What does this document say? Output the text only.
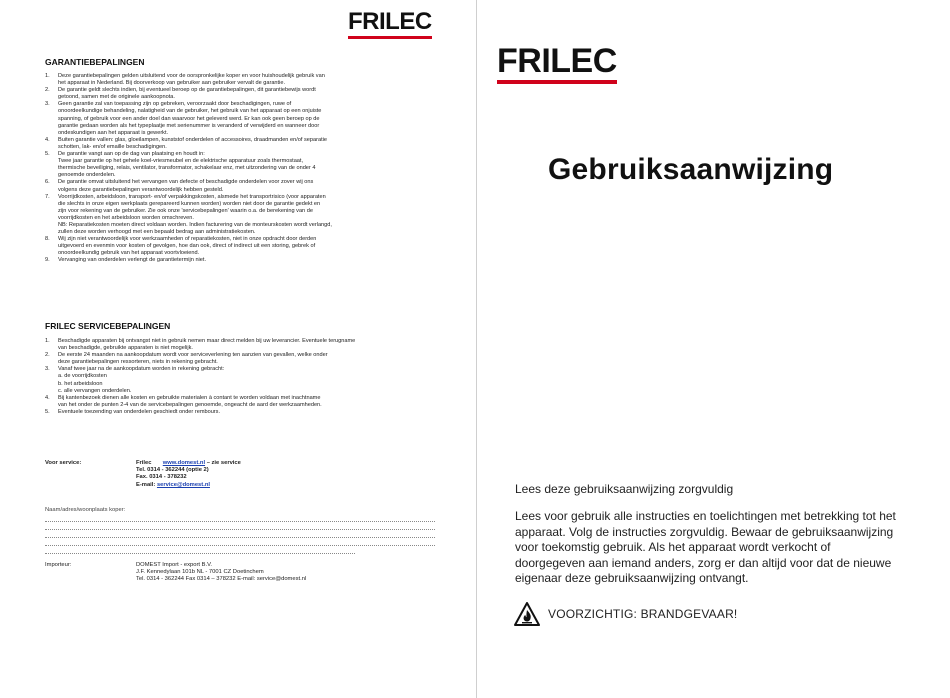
FRILEC
GARANTIEBEPALINGEN
1. Deze garantiebepalingen gelden uitsluitend voor de oorspronkelijke koper en voor huishoudelijk gebruik van
het apparaat in Nederland. Bij doorverkoop van gebruiker aan gebruiker vervalt de garantie.
2. De garantie geldt slechts indien, bij eventueel beroep op de garantiebepalingen, dit garantiebewijs wordt
getoond, samen met de originele aankoopnota.
3. Geen garantie zal van toepassing zijn op gebreken, veroorzaakt door beschadigingen, ruwe of
onoordeelkundige behandeling, nalatigheid van de gebruiker, het gebruik van het apparaat op een onjuiste
spanning, of gebruik voor een ander doel dan waarvoor het geleverd werd. Er kan ook geen beroep op de
garantie gedaan worden als het typeplaatje met serienummer is veranderd of verwijderd en wanneer door
ondeskundigen aan het apparaat is gewerkt.
4. Buiten garantie vallen: glas, gloeilampen, kunststof onderdelen of accessoires, draadmanden en/of separatie
schotten, lak- en/of emaille beschadigingen.
5. De garantie vangt aan op de dag van plaatsing en houdt in:
Twee jaar garantie op het gehele koel-vriesmeubel en de elektrische apparatuur zoals thermostaat,
thermische beveiliging, relais, ventilator, transformator, schakelaar enz, met uitzondering van de onder 4
genoemde onderdelen.
6. De garantie omvat uitsluitend het vervangen van defecte of beschadigde onderdelen voor zover wij ons
volgens deze garantiebepalingen verantwoordelijk hebben gesteld.
7. Voorrijdkosten, arbeidsloon, transport- en/of verpakkingskosten, alsmede het transportrisico (voor apparaten
die slechts in onze eigen werkplaats gerepareerd kunnen worden) worden niet door de garantie gedekt en
zijn voor rekening van de gebruiker. Zie ook onze 'servicebepalingen' waarin o.a. de berekening van de
voorrijdkosten en het arbeidsloon worden omschreven.
NB: Reparatiekosten moeten direct voldaan worden. Indien facturering van de monteurskosten wordt verlangd,
zullen deze worden verhoogd met een bepaald bedrag aan administratiekosten.
8. Wij zijn niet verantwoordelijk voor werkzaamheden of reparatiekosten, niet in onze opdracht door derden
uitgevoerd en evenmin voor kosten of gevolgen, hoe dan ook, direct of indirect uit een storing, gebrek of
onoordeelkundig gebruik van het apparaat voortvloeiend.
9. Vervanging van onderdelen verlengt de garantietermijn niet.
FRILEC SERVICEBEPALINGEN
1. Beschadigde apparaten bij ontvangst niet in gebruik nemen maar direct melden bij uw leverancier. Eventuele terugname
van beschadigde, gebruikte apparaten is niet mogelijk.
2. De eerste 24 maanden na aankoopdatum wordt voor serviceverlening ten aanzien van gevallen, welke onder
deze garantiebepalingen ressorteren, niets in rekening gebracht.
3. Vanaf twee jaar na de aankoopdatum worden in rekening gebracht:
a. de voorrijdkosten
b. het arbeidsloon
c. alle vervangen onderdelen.
4. Bij kantenbezoek dienen alle kosten en gebruikte materialen à contant te worden voldaan met inachtname
van het onder de punten 2-4 van de servicebepalingen genoemde, ongeacht de aard der werkzaamheden.
5. Eventuele toezending van onderdelen geschiedt onder rembours.
Voor service:	Frilec www.domest.nl – zie service
Tel. 0314 - 362244 (optie 2)
Fax. 0314 - 378232
E-mail: service@domest.nl
Naam/adres/woonplaats koper:
Importeur:	DOMEST Import - export B.V.
J.F. Kennedylaan 101b NL - 7001 CZ Doetinchem
Tel. 0314 - 362244 Fax 0314 – 378232 E-mail: service@domest.nl
FRILEC
Gebruiksaanwijzing
Lees deze gebruiksaanwijzing zorgvuldig
Lees voor gebruik alle instructies en toelichtingen met betrekking tot het apparaat. Volg de instructies zorgvuldig. Bewaar de gebruiksaanwijzing voor toekomstig gebruik. Als het apparaat wordt verkocht of doorgegeven aan iemand anders, zorg er dan altijd voor dat de nieuwe eigenaar deze gebruiksaanwijzing ontvangt.
VOORZICHTIG: BRANDGEVAAR!
